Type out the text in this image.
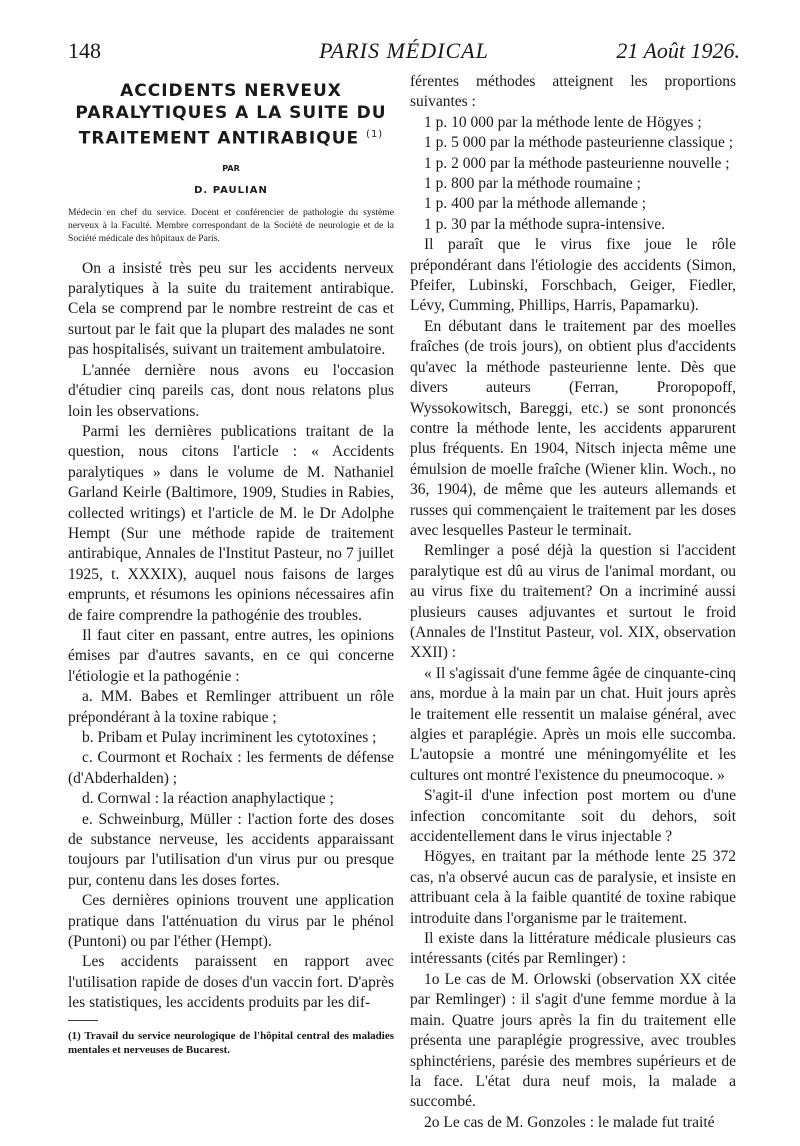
148	PARIS MÉDICAL	21 Août 1926.
ACCIDENTS NERVEUX PARALYTIQUES A LA SUITE DU TRAITEMENT ANTIRABIQUE $^{(1)}$
PAR
D. PAULIAN
Médecin en chef du service. Docent et conférencier de pathologie du système nerveux à la Faculté. Membre correspondant de la Société de neurologie et de la Société médicale des hôpitaux de Paris.

On a insisté très peu sur les accidents nerveux paralytiques à la suite du traitement antirabique. Cela se comprend par le nombre restreint de cas et surtout par le fait que la plupart des malades ne sont pas hospitalisés, suivant un traitement ambulatoire.

L'année dernière nous avons eu l'occasion d'étudier cinq pareils cas, dont nous relatons plus loin les observations.

Parmi les dernières publications traitant de la question, nous citons l'article : « Accidents paralytiques » dans le volume de M. Nathaniel Garland Keirle (Baltimore, 1909, Studies in Rabies, collected writings) et l'article de M. le Dr Adolphe Hempt (Sur une méthode rapide de traitement antirabique, Annales de l'Institut Pasteur, no 7 juillet 1925, t. XXXIX), auquel nous faisons de larges emprunts, et résumons les opinions nécessaires afin de faire comprendre la pathogénie des troubles.

Il faut citer en passant, entre autres, les opinions émises par d'autres savants, en ce qui concerne l'étiologie et la pathogénie :

a. MM. Babes et Remlinger attribuent un rôle prépondérant à la toxine rabique ;

b. Pribam et Pulay incriminent les cytotoxines ;

c. Courmont et Rochaix : les ferments de défense (d'Abderhalden) ;

d. Cornwal : la réaction anaphylactique ;

e. Schweinburg, Müller : l'action forte des doses de substance nerveuse, les accidents apparaissant toujours par l'utilisation d'un virus pur ou presque pur, contenu dans les doses fortes.

Ces dernières opinions trouvent une application pratique dans l'atténuation du virus par le phénol (Puntoni) ou par l'éther (Hempt).

Les accidents paraissent en rapport avec l'utilisation rapide de doses d'un vaccin fort. D'après les statistiques, les accidents produits par les dif-

(1) Travail du service neurologique de l'hôpital central des maladies mentales et nerveuses de Bucarest.

férentes méthodes atteignent les proportions suivantes :

1 p. 10 000 par la méthode lente de Högyes ;

1 p. 5 000 par la méthode pasteurienne classique ;

1 p. 2 000 par la méthode pasteurienne nouvelle ;

1 p. 800 par la méthode roumaine ;

1 p. 400 par la méthode allemande ;

1 p. 30 par la méthode supra-intensive.

Il paraît que le virus fixe joue le rôle prépondérant dans l'étiologie des accidents (Simon, Pfeifer, Lubinski, Forschbach, Geiger, Fiedler, Lévy, Cumming, Phillips, Harris, Papamarku).

En débutant dans le traitement par des moelles fraîches (de trois jours), on obtient plus d'accidents qu'avec la méthode pasteurienne lente. Dès que divers auteurs (Ferran, Proropopoff, Wyssokowitsch, Bareggi, etc.) se sont prononcés contre la méthode lente, les accidents apparurent plus fréquents. En 1904, Nitsch injecta même une émulsion de moelle fraîche (Wiener klin. Woch., no 36, 1904), de même que les auteurs allemands et russes qui commençaient le traitement par les doses avec lesquelles Pasteur le terminait.

Remlinger a posé déjà la question si l'accident paralytique est dû au virus de l'animal mordant, ou au virus fixe du traitement? On a incriminé aussi plusieurs causes adjuvantes et surtout le froid (Annales de l'Institut Pasteur, vol. XIX, observation XXII) :

« Il s'agissait d'une femme âgée de cinquante-cinq ans, mordue à la main par un chat. Huit jours après le traitement elle ressentit un malaise général, avec algies et paraplégie. Après un mois elle succomba. L'autopsie a montré une méningomyélite et les cultures ont montré l'existence du pneumocoque. »

S'agit-il d'une infection post mortem ou d'une infection concomitante soit du dehors, soit accidentellement dans le virus injectable ?

Högyes, en traitant par la méthode lente 25 372 cas, n'a observé aucun cas de paralysie, et insiste en attribuant cela à la faible quantité de toxine rabique introduite dans l'organisme par le traitement.

Il existe dans la littérature médicale plusieurs cas intéressants (cités par Remlinger) :

1o Le cas de M. Orlowski (observation XX citée par Remlinger) : il s'agit d'une femme mordue à la main. Quatre jours après la fin du traitement elle présenta une paraplégie progressive, avec troubles sphinctériens, parésie des membres supérieurs et de la face. L'état dura neuf mois, la malade a succombé.

2o Le cas de M. Gonzoles : le malade fut traité
